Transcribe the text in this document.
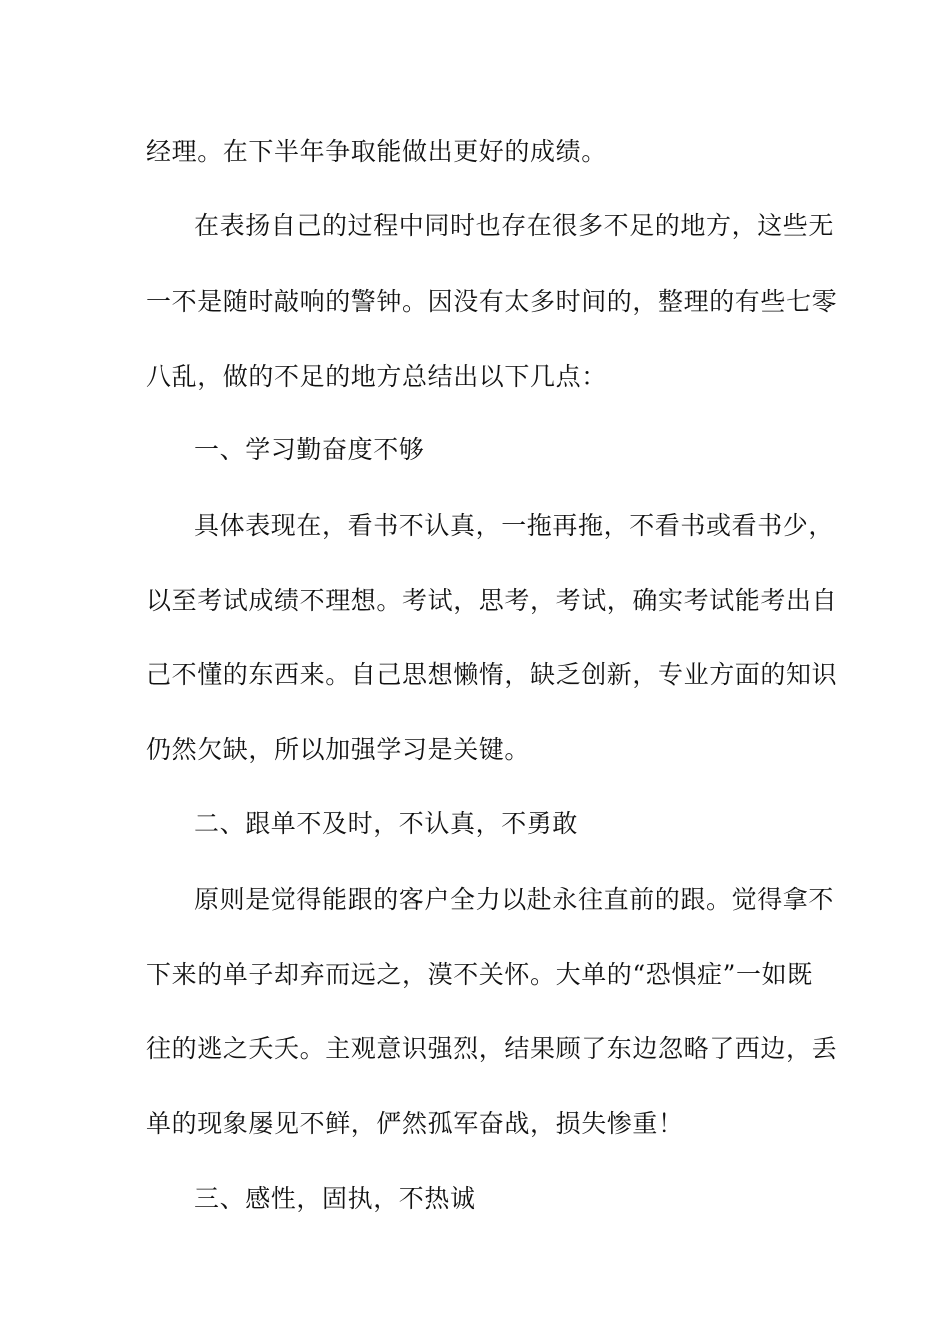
经理。在下半年争取能做出更好的成绩。
在表扬自己的过程中同时也存在很多不足的地方，这些无
一不是随时敲响的警钟。因没有太多时间的，整理的有些七零
八乱，做的不足的地方总结出以下几点：
一、学习勤奋度不够
具体表现在，看书不认真，一拖再拖，不看书或看书少，
以至考试成绩不理想。考试，思考，考试，确实考试能考出自
己不懂的东西来。自己思想懒惰，缺乏创新，专业方面的知识
仍然欠缺，所以加强学习是关键。
二、跟单不及时，不认真，不勇敢
原则是觉得能跟的客户全力以赴永往直前的跟。觉得拿不
下来的单子却弃而远之，漠不关怀。大单的“恐惧症”一如既
往的逃之夭夭。主观意识强烈，结果顾了东边忽略了西边，丢
单的现象屡见不鲜，俨然孤军奋战，损失惨重！
三、感性，固执，不热诚
